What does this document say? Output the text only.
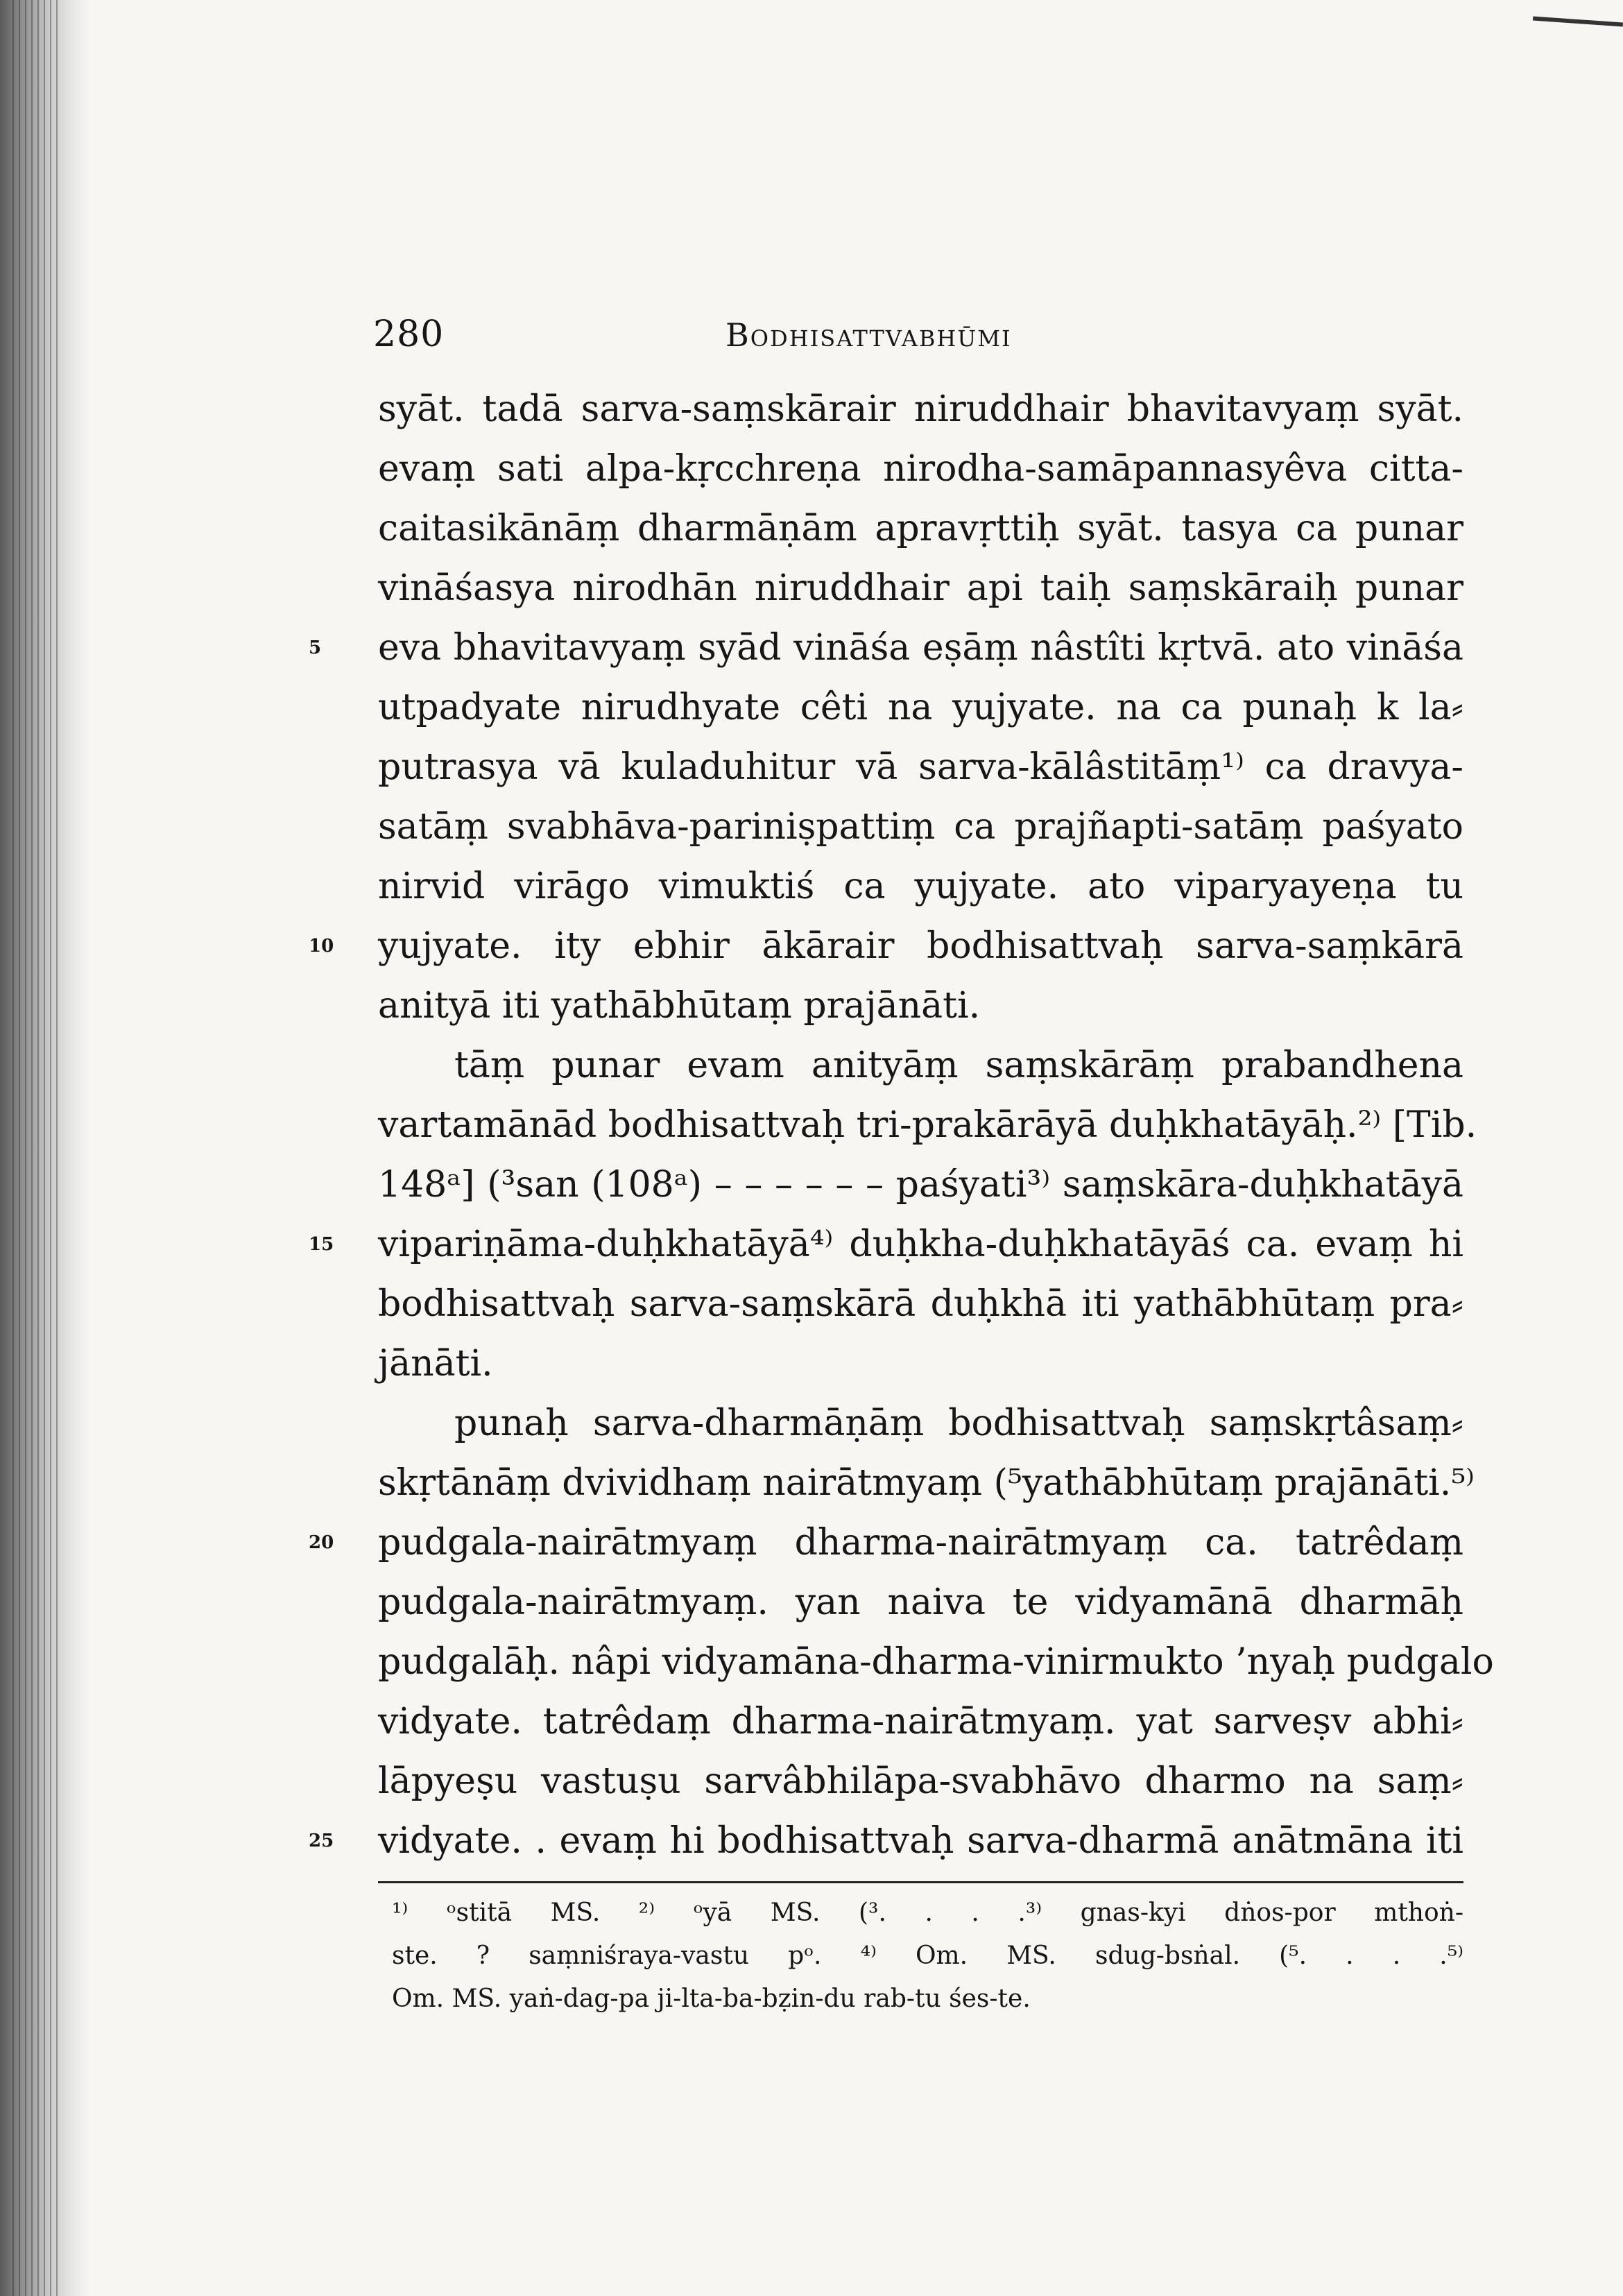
280	Bodhisattvabhūmi
syāt. tadā sarva-saṃskārair niruddhair bhavitavyaṃ syāt.
evaṃ sati alpa-kṛcchreṇa nirodha-samāpannasyêva citta-
caitasikānāṃ dharmāṇām apravṛttiḥ syāt. tasya ca punar
vināśasya nirodhān niruddhair api taiḥ saṃskāraiḥ punar
eva bhavitavyaṃ syād vināśa eṣāṃ nâstîti kṛtvā. ato vināśa
utpadyate nirudhyate cêti na yujyate. na ca punaḥ k la⸗
putrasya vā kuladuhitur vā sarva-kālâstitāṃ¹⁾ ca dravya-
satāṃ svabhāva-pariniṣpattiṃ ca prajñapti-satāṃ paśyato
nirvid virāgo vimuktiś ca yujyate. ato viparyayeṇa tu
yujyate. ity ebhir ākārair bodhisattvaḥ sarva-saṃkārā
anityā iti yathābhūtaṃ prajānāti.
tāṃ punar evam anityāṃ saṃskārāṃ prabandhena
vartamānād bodhisattvaḥ tri-prakārāyā duḥkhatāyāḥ.²⁾ [Tib.
148ᵃ] (³san (108ᵃ) – – – – – – paśyati³⁾ saṃskāra-duḥkhatāyā
vipariṇāma-duḥkhatāyā⁴⁾ duḥkha-duḥkhatāyāś ca. evaṃ hi
bodhisattvaḥ sarva-saṃskārā duḥkhā iti yathābhūtaṃ pra⸗
jānāti.
punaḥ sarva-dharmāṇāṃ bodhisattvaḥ saṃskṛtâsaṃ⸗
skṛtānāṃ dvividhaṃ nairātmyaṃ (⁵yathābhūtaṃ prajānāti.⁵⁾
pudgala-nairātmyaṃ dharma-nairātmyaṃ ca. tatrêdaṃ
pudgala-nairātmyaṃ. yan naiva te vidyamānā dharmāḥ
pudgalāḥ. nâpi vidyamāna-dharma-vinirmukto ’nyaḥ pudgalo
vidyate. tatrêdaṃ dharma-nairātmyaṃ. yat sarveṣv abhi⸗
lāpyeṣu vastuṣu sarvâbhilāpa-svabhāvo dharmo na saṃ⸗
vidyate. . evaṃ hi bodhisattvaḥ sarva-dharmā anātmāna iti
5
10
15
20
25
¹⁾ ᵒstitā MS. ²⁾ ᵒyā MS. (³. . . .³⁾ gnas-kyi dṅos-por mthoṅ-
ste. ? saṃniśraya-vastu pᵒ. ⁴⁾ Om. MS. sdug-bsṅal. (⁵. . . .⁵⁾
Om. MS. yaṅ-dag-pa ji-lta-ba-bẓin-du rab-tu śes-te.
